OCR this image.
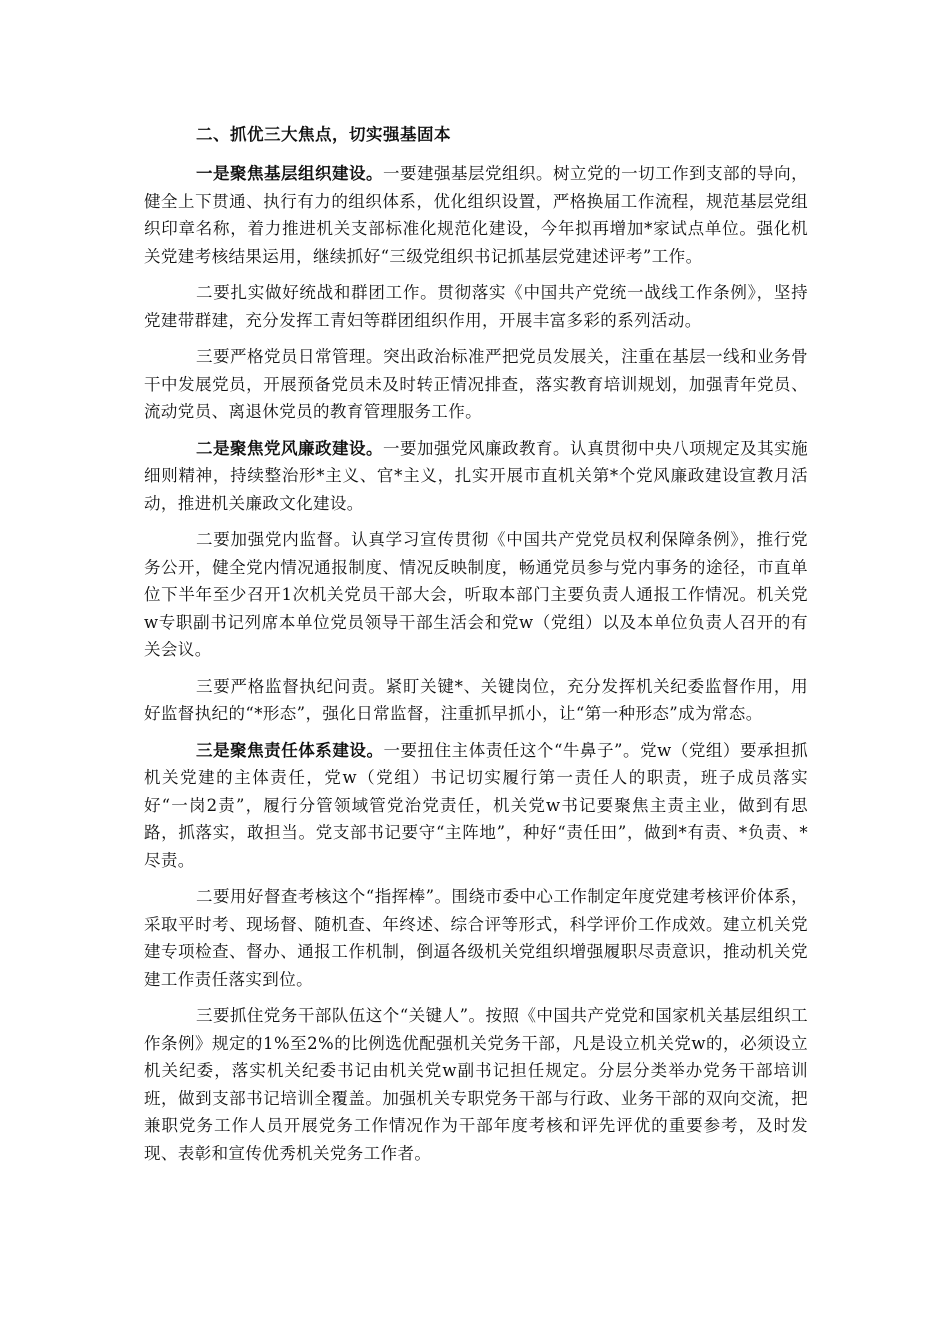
二、抓优三大焦点，切实强基固本

一是聚焦基层组织建设。一要建强基层党组织。树立党的一切工作到支部的导向，健全上下贯通、执行有力的组织体系，优化组织设置，严格换届工作流程，规范基层党组织印章名称，着力推进机关支部标准化规范化建设，今年拟再增加*家试点单位。强化机关党建考核结果运用，继续抓好“三级党组织书记抓基层党建述评考”工作。

二要扎实做好统战和群团工作。贯彻落实《中国共产党统一战线工作条例》，坚持党建带群建，充分发挥工青妇等群团组织作用，开展丰富多彩的系列活动。

三要严格党员日常管理。突出政治标准严把党员发展关，注重在基层一线和业务骨干中发展党员，开展预备党员未及时转正情况排查，落实教育培训规划，加强青年党员、流动党员、离退休党员的教育管理服务工作。

二是聚焦党风廉政建设。一要加强党风廉政教育。认真贯彻中央八项规定及其实施细则精神，持续整治形*主义、官*主义，扎实开展市直机关第*个党风廉政建设宣教月活动，推进机关廉政文化建设。

二要加强党内监督。认真学习宣传贯彻《中国共产党党员权利保障条例》，推行党务公开，健全党内情况通报制度、情况反映制度，畅通党员参与党内事务的途径，市直单位下半年至少召开1次机关党员干部大会，听取本部门主要负责人通报工作情况。机关党w专职副书记列席本单位党员领导干部生活会和党w（党组）以及本单位负责人召开的有关会议。

三要严格监督执纪问责。紧盯关键*、关键岗位，充分发挥机关纪委监督作用，用好监督执纪的“*形态”，强化日常监督，注重抓早抓小，让“第一种形态”成为常态。

三是聚焦责任体系建设。一要扭住主体责任这个“牛鼻子”。党w（党组）要承担抓机关党建的主体责任，党w（党组）书记切实履行第一责任人的职责，班子成员落实好“一岗2责”，履行分管领域管党治党责任，机关党w书记要聚焦主责主业，做到有思路，抓落实，敢担当。党支部书记要守“主阵地”，种好“责任田”，做到*有责、*负责、*尽责。

二要用好督查考核这个“指挥棒”。围绕市委中心工作制定年度党建考核评价体系，采取平时考、现场督、随机查、年终述、综合评等形式，科学评价工作成效。建立机关党建专项检查、督办、通报工作机制，倒逼各级机关党组织增强履职尽责意识，推动机关党建工作责任落实到位。

三要抓住党务干部队伍这个“关键人”。按照《中国共产党党和国家机关基层组织工作条例》规定的1%至2%的比例选优配强机关党务干部，凡是设立机关党w的，必须设立机关纪委，落实机关纪委书记由机关党w副书记担任规定。分层分类举办党务干部培训班，做到支部书记培训全覆盖。加强机关专职党务干部与行政、业务干部的双向交流，把兼职党务工作人员开展党务工作情况作为干部年度考核和评先评优的重要参考，及时发现、表彰和宣传优秀机关党务工作者。
